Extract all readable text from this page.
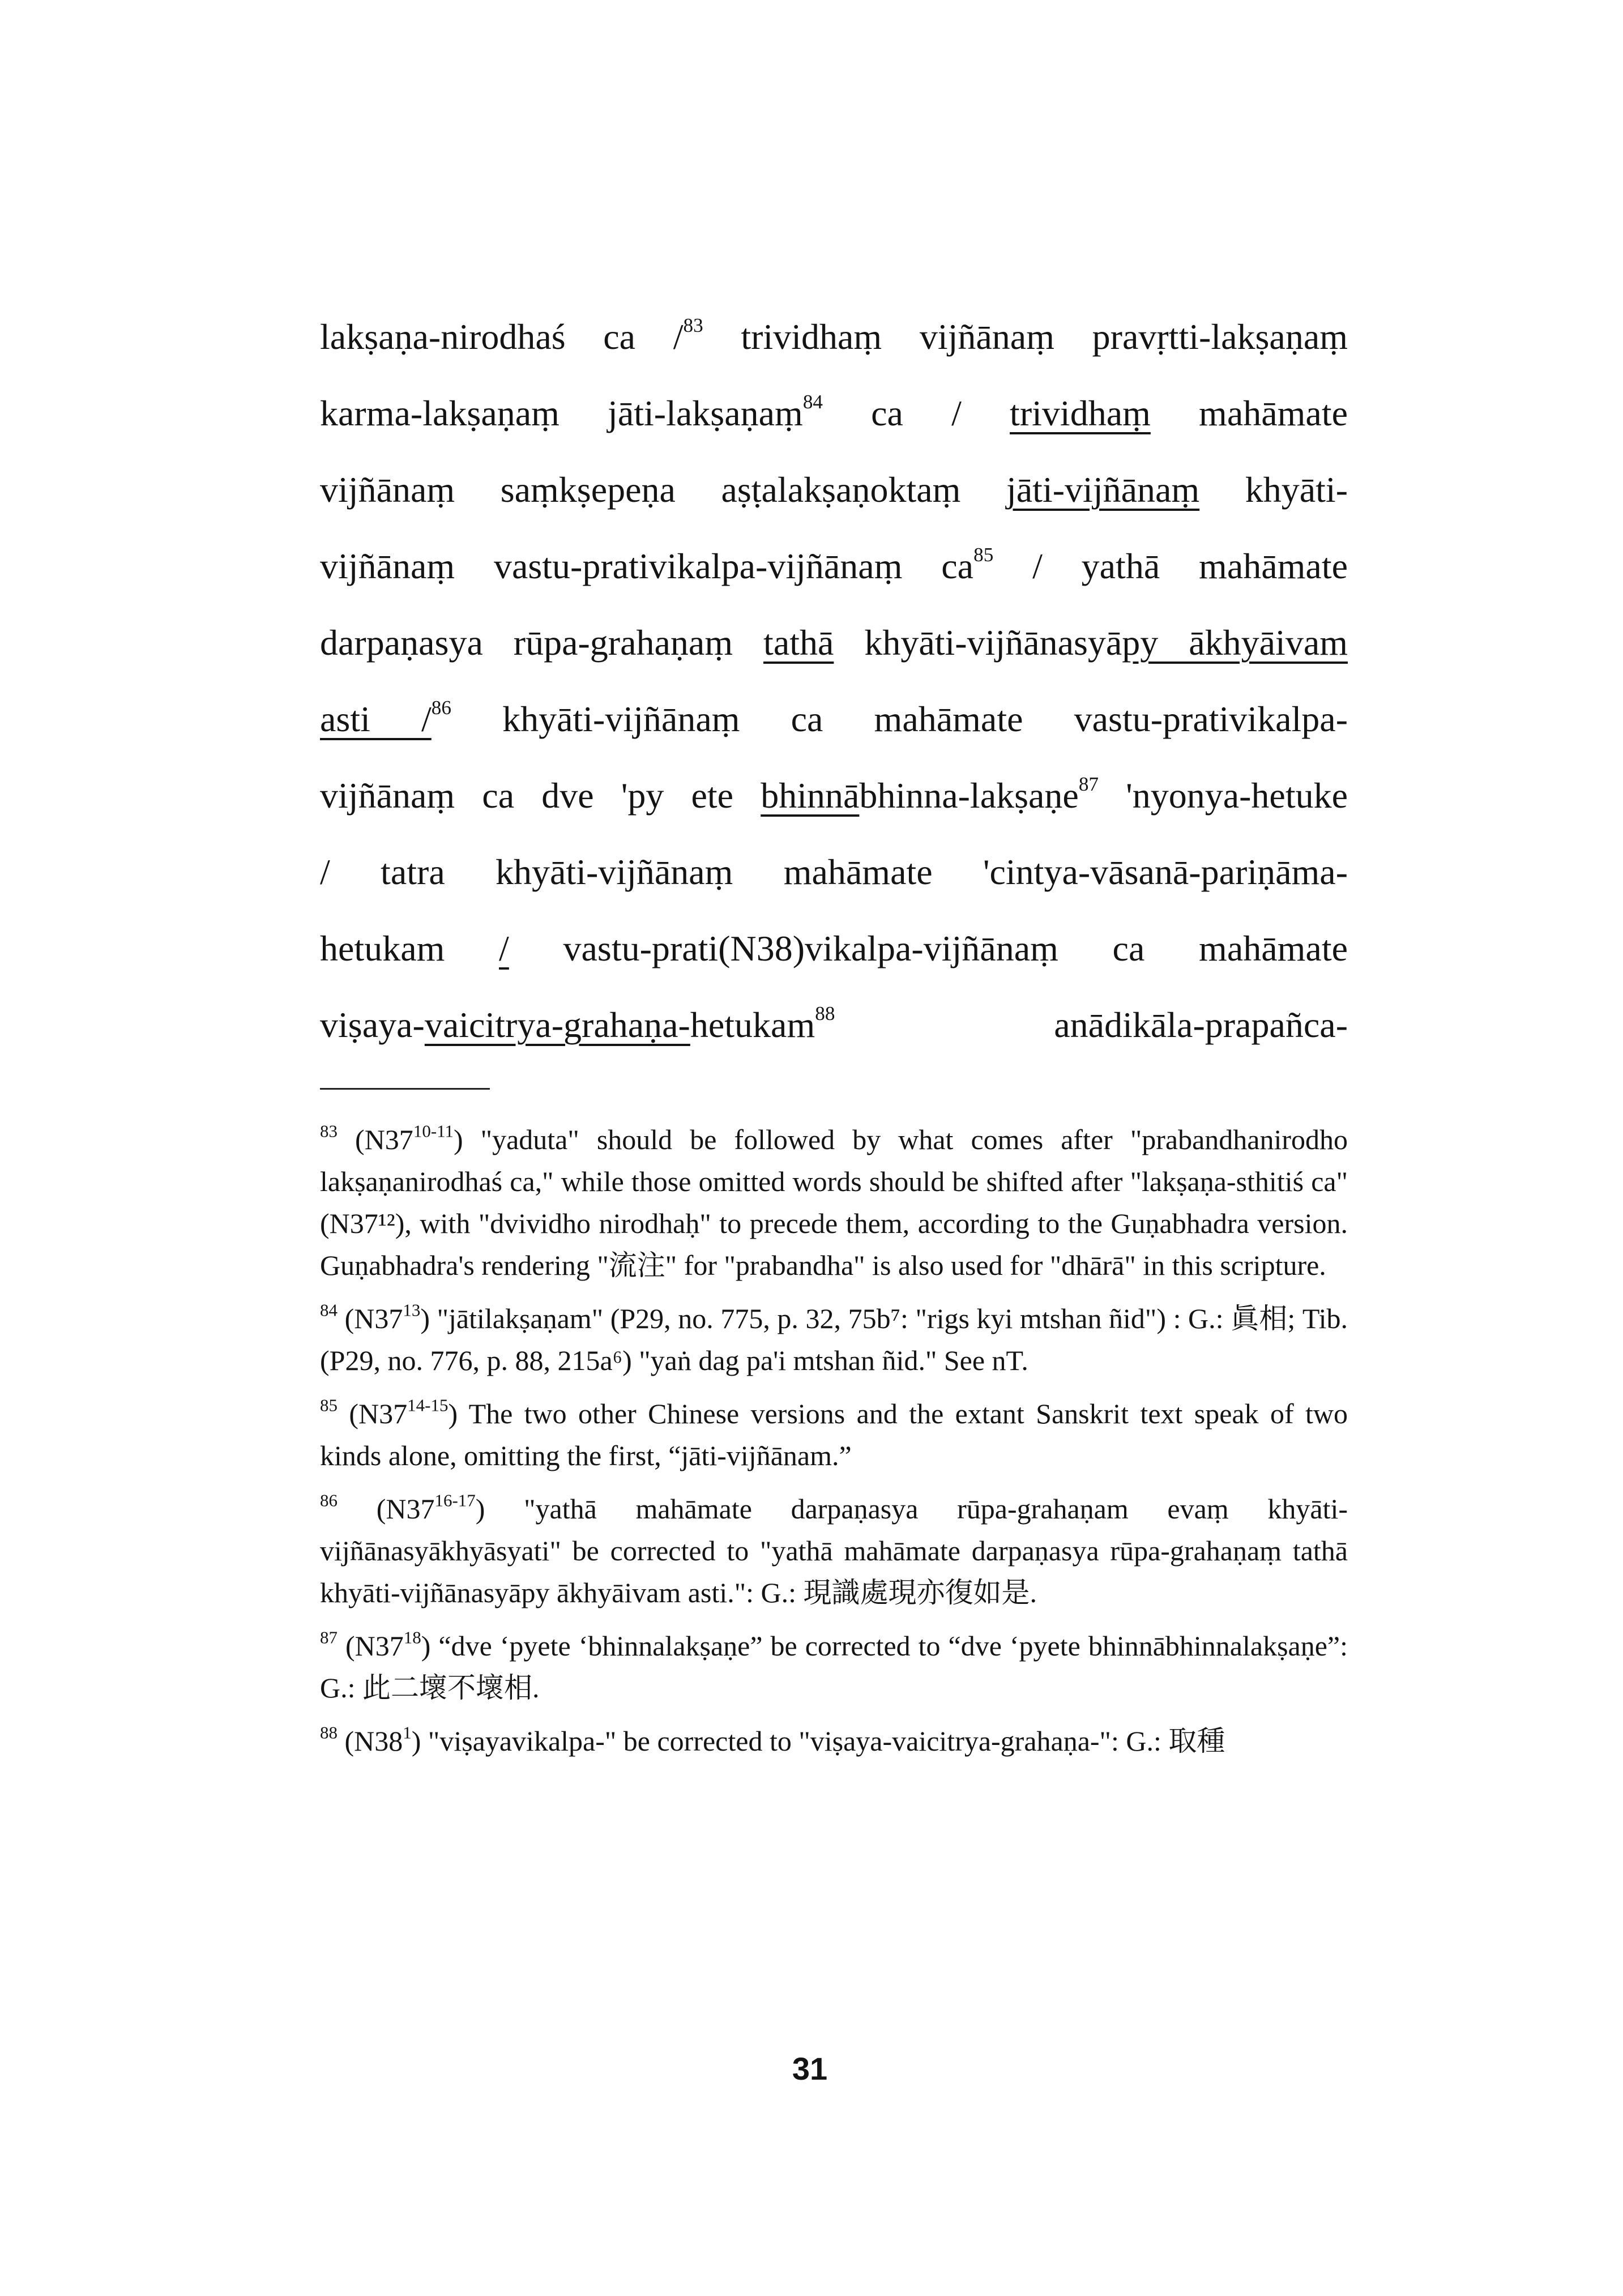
lakṣaṇa-nirodhaś ca /$^{83}$ trividhaṃ vijñānaṃ pravṛtti-lakṣaṇaṃ
karma-lakṣaṇaṃ jāti-lakṣaṇaṃ$^{84}$ ca / trividhaṃ mahāmate
vijñānaṃ saṃkṣepeṇa aṣṭalakṣaṇoktaṃ jāti-vijñānaṃ khyāti-
vijñānaṃ vastu-prativikalpa-vijñānaṃ $ca^{85}$ / yathā mahāmate
darpaṇasya rūpa-grahaṇaṃ tathā khyāti-vijñānasyāpy ākhyāivam
asti /$^{86}$ khyāti-vijñānaṃ ca mahāmate vastu-prativikalpa-
vijñānaṃ ca dve 'py ete bhinnābhinna-lakṣaṇe$^{87}$ 'nyonya-hetuke
/ tatra khyāti-vijñānaṃ mahāmate 'cintya-vāsanā-pariṇāma-
hetukam / vastu-prati(N38)vikalpa-vijñānaṃ ca mahāmate
viṣaya-vaicitrya-grahaṇa-hetukam$^{88}$                anādikāla-prapañca-
$^{83}$ (N37$^{10-11}$) "yaduta" should be followed by what comes after "prabandhanirodho lakṣaṇanirodhaś ca," while those omitted words should be shifted after "lakṣaṇa-sthitiś ca" (N37¹²), with "dvividho nirodhaḥ" to precede them, according to the Guṇabhadra version. Guṇabhadra's rendering "流注" for "prabandha" is also used for "dhārā" in this scripture.
$^{84}$ $(N37^{13})$ "jātilakṣaṇam" (P29, no. 775, p. 32, 75b⁷: "rigs kyi mtshan ñid") : G.: 眞相; Tib. (P29, no. 776, p. 88, 215a⁶) "yaṅ dag pa'i mtshan ñid." See nT.
$^{85}$ (N37$^{14-15}$) The two other Chinese versions and the extant Sanskrit text speak of two kinds alone, omitting the first, “jāti-vijñānam.”
$^{86}$ (N37$^{16-17}$) "yathā mahāmate darpaṇasya rūpa-grahaṇam evaṃ khyāti-vijñānasyākhyāsyati" be corrected to "yathā mahāmate darpaṇasya rūpa-grahaṇaṃ tathā khyāti-vijñānasyāpy ākhyāivam asti.": G.: 現識處現亦復如是.
$^{87}$ $(N37^{18})$ “dve ‘pyete ‘bhinnalakṣaṇe” be corrected to “dve ‘pyete bhinnābhinnalakṣaṇe”: G.: 此二壞不壞相.
$^{88}$ $(N38^1)$ "viṣayavikalpa-" be corrected to "viṣaya-vaicitrya-grahaṇa-": G.: 取種
31
